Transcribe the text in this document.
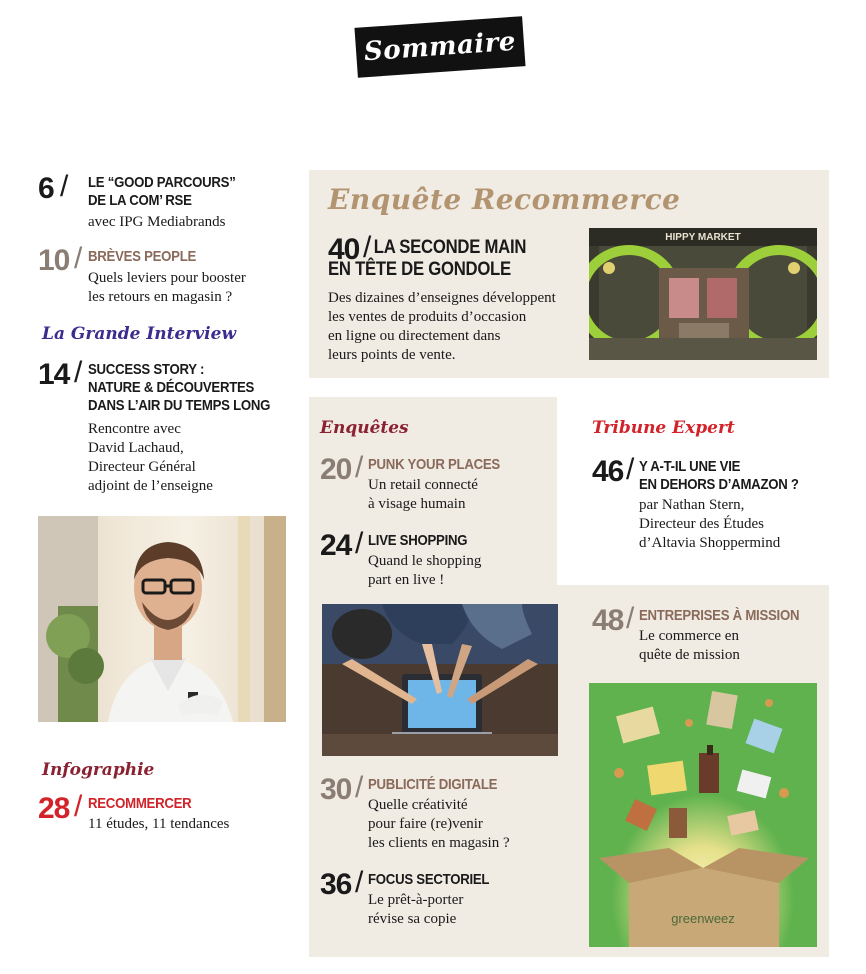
Sommaire
6 / LE “GOOD PARCOURS”
DE LA COM’ RSE
avec IPG Mediabrands
10 / BRÈVES PEOPLE
Quels leviers pour booster
les retours en magasin ?
La Grande Interview
14 / SUCCESS STORY :
NATURE & DÉCOUVERTES
DANS L’AIR DU TEMPS LONG
Rencontre avec
David Lachaud,
Directeur Général
adjoint de l’enseigne
Infographie
28 / RECOMMERCER
11 études, 11 tendances
Enquête Recommerce
40 / LA SECONDE MAIN
EN TÊTE DE GONDOLE
Des dizaines d’enseignes développent
les ventes de produits d’occasion
en ligne ou directement dans
leurs points de vente.
HIPPY MARKET
Enquêtes
20 / PUNK YOUR PLACES
Un retail connecté
à visage humain
24 / LIVE SHOPPING
Quand le shopping
part en live !
30 / PUBLICITÉ DIGITALE
Quelle créativité
pour faire (re)venir
les clients en magasin ?
36 / FOCUS SECTORIEL
Le prêt-à-porter
révise sa copie
Tribune Expert
46 / Y A-T-IL UNE VIE
EN DEHORS D’AMAZON ?
par Nathan Stern,
Directeur des Études
d’Altavia Shoppermind
48 / ENTREPRISES À MISSION
Le commerce en
quête de mission
greenweez
